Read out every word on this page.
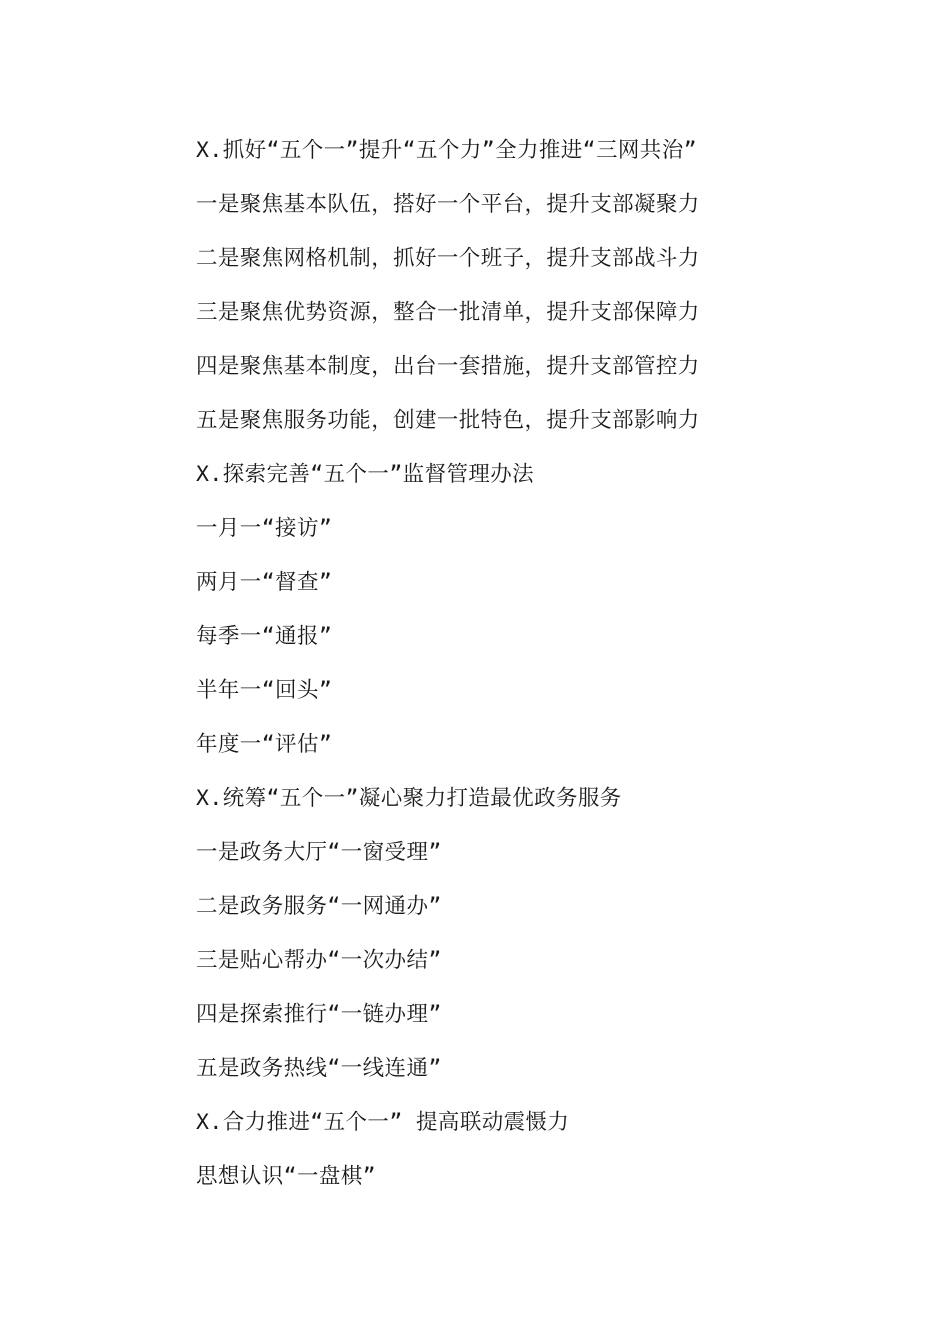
X.抓好“五个一”提升“五个力”全力推进“三网共治”
一是聚焦基本队伍，搭好一个平台，提升支部凝聚力
二是聚焦网格机制，抓好一个班子，提升支部战斗力
三是聚焦优势资源，整合一批清单，提升支部保障力
四是聚焦基本制度，出台一套措施，提升支部管控力
五是聚焦服务功能，创建一批特色，提升支部影响力
X.探索完善“五个一”监督管理办法
一月一“接访”
两月一“督查”
每季一“通报”
半年一“回头”
年度一“评估”
X.统筹“五个一”凝心聚力打造最优政务服务
一是政务大厅“一窗受理”
二是政务服务“一网通办”
三是贴心帮办“一次办结”
四是探索推行“一链办理”
五是政务热线“一线连通”
X.合力推进“五个一” 提高联动震慑力
思想认识“一盘棋”
